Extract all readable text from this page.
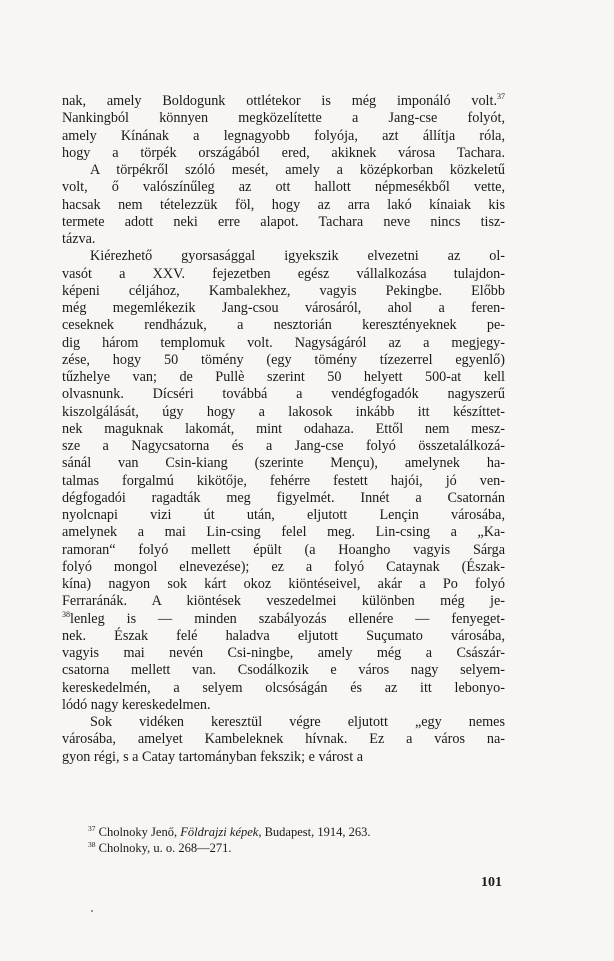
nak, amely Boldogunk ottlétekor is még imponáló volt.$^{37}$
Nankingból könnyen megközelítette a Jang-cse folyót,
amely Kínának a legnagyobb folyója, azt állítja róla,
hogy a törpék országából ered, akiknek városa Tachara.
A törpékről szóló mesét, amely a középkorban közkeletű
volt, ő valószínűleg az ott hallott népmesékből vette,
hacsak nem tételezzük föl, hogy az arra lakó kínaiak kis
termete adott neki erre alapot. Tachara neve nincs tisz-
tázva.
Kiérezhető gyorsasággal igyekszik elvezetni az ol-
vasót a XXV. fejezetben egész vállalkozása tulajdon-
képeni céljához, Kambalekhez, vagyis Pekingbe. Előbb
még megemlékezik Jang-csou városáról, ahol a feren-
ceseknek rendházuk, a nesztorián keresztényeknek pe-
dig három templomuk volt. Nagyságáról az a megjegy-
zése, hogy 50 tömény (egy tömény tízezerrel egyenlő)
tűzhelye van; de Pullè szerint 50 helyett 500-at kell
olvasnunk. Dícséri továbbá a vendégfogadók nagyszerű
kiszolgálását, úgy hogy a lakosok inkább itt készíttet-
nek maguknak lakomát, mint odahaza. Ettől nem mesz-
sze a Nagycsatorna és a Jang-cse folyó összetalálkozá-
sánál van Csin-kiang (szerinte Mençu), amelynek ha-
talmas forgalmú kikötője, fehérre festett hajói, jó ven-
dégfogadói ragadták meg figyelmét. Innét a Csatornán
nyolcnapi vizi út után, eljutott Lençin városába,
amelynek a mai Lin-csing felel meg. Lin-csing a „Ka-
ramoran“ folyó mellett épült (a Hoangho vagyis Sárga
folyó mongol elnevezése); ez a folyó Cataynak (Észak-
kína) nagyon sok kárt okoz kiöntéseivel, akár a Po folyó
Ferraránák. A kiöntések veszedelmei különben még je-
$^{38}$lenleg is — minden szabályozás ellenére — fenyeget-
nek. Észak felé haladva eljutott Suçumato városába,
vagyis mai nevén Csi-ningbe, amely még a Császár-
csatorna mellett van. Csodálkozik e város nagy selyem-
kereskedelmén, a selyem olcsóságán és az itt lebonyo-
lódó nagy kereskedelmen.
Sok vidéken keresztül végre eljutott „egy nemes
városába, amelyet Kambeleknek hívnak. Ez a város na-
gyon régi, s a Catay tartományban fekszik; e várost a
$^{37}$ Cholnoky Jenő, Földrajzi képek, Budapest, 1914, 263.
$^{38}$ Cholnoky, u. o. 268—271.
101
